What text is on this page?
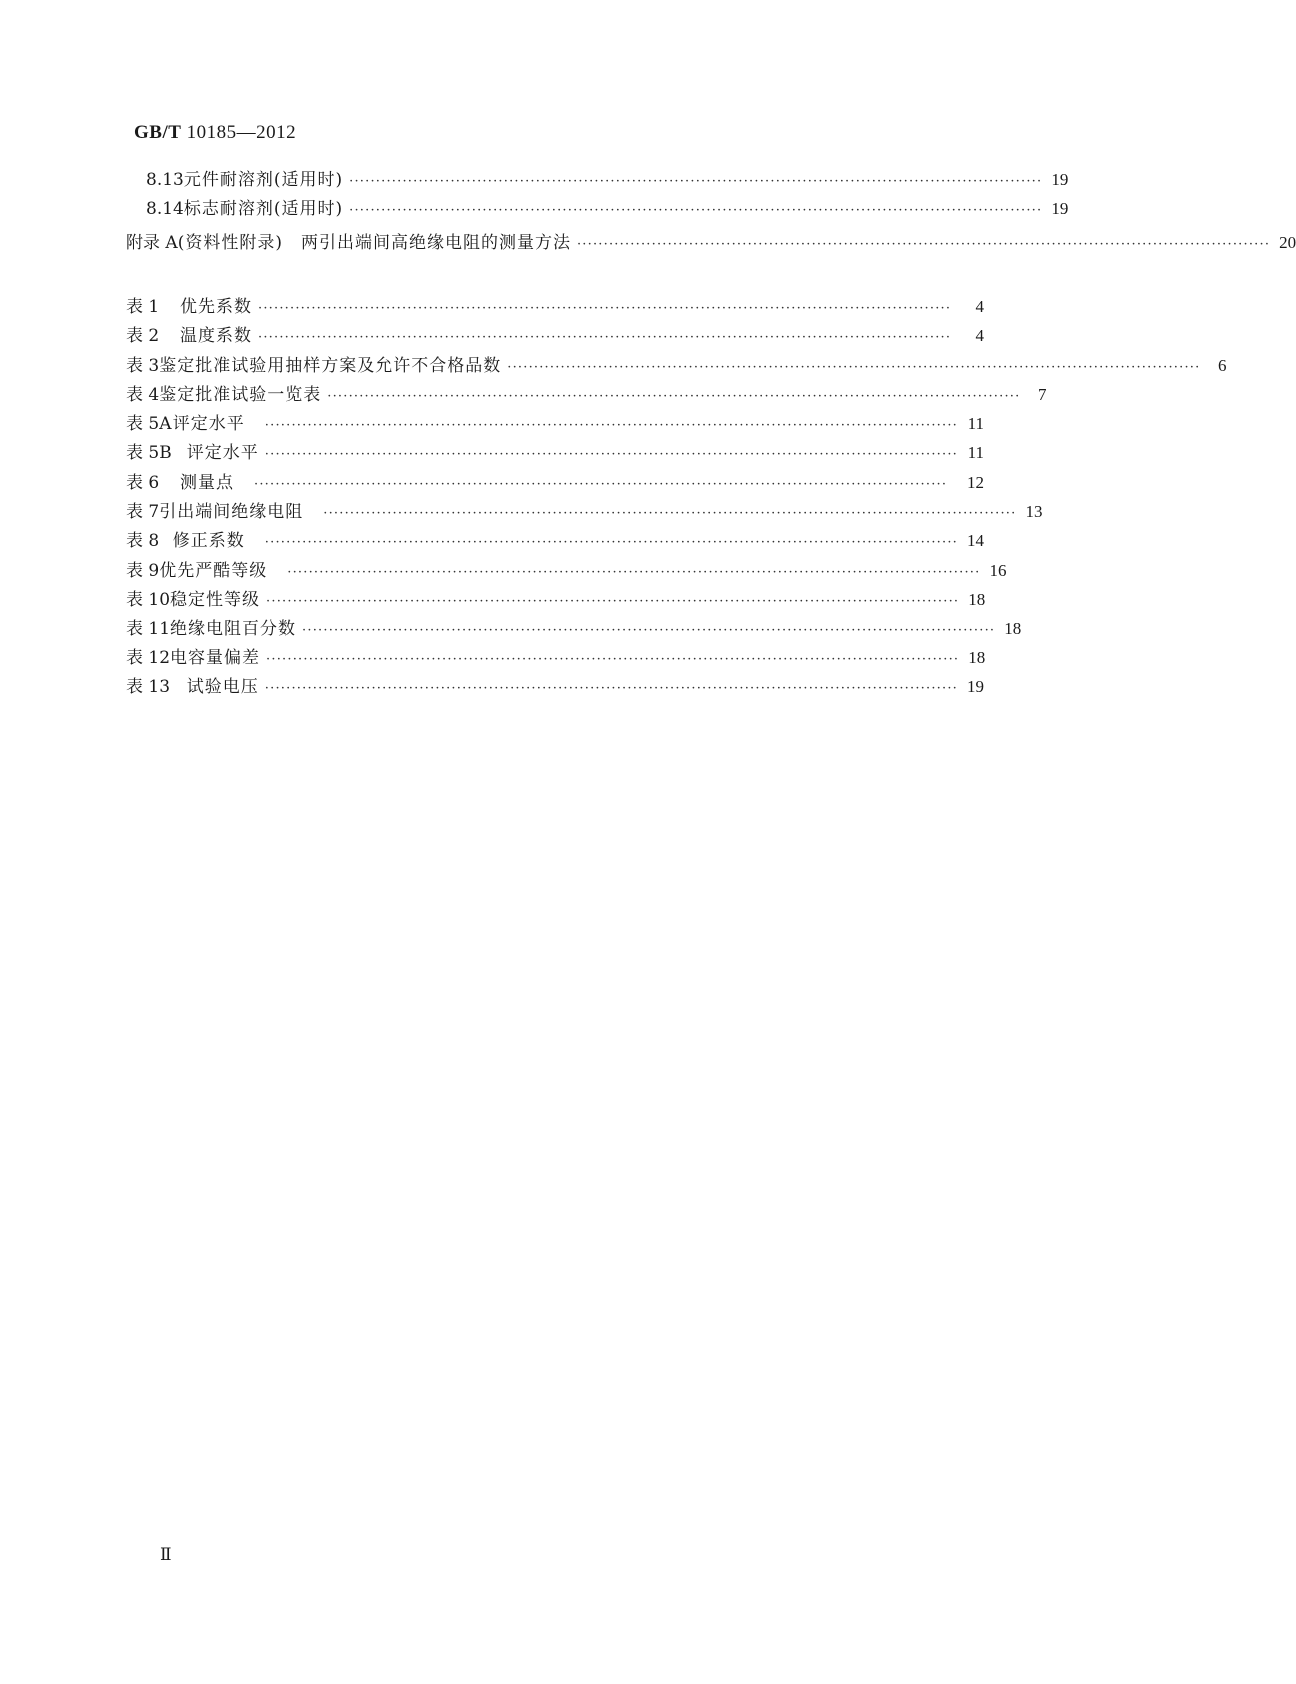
GB/T 10185—2012
8.13 元件耐溶剂(适用时) ·································································································································· 19
8.14 标志耐溶剂(适用时) ·································································································································· 19
附录 A (资料性附录)　两引出端间高绝缘电阻的测量方法 ·································································································································· 20
表 1	优先系数 ··································································································································	4
表 2	温度系数 ··································································································································	4
表 3 鉴定批准试验用抽样方案及允许不合格品数 ··································································································································	6
表 4 鉴定批准试验一览表 ··································································································································	7
表 5A 评定水平 ·································································································································· 11
表 5B 评定水平 ·································································································································· 11
表 6	测量点 ··································································································································	12
表 7 引出端间绝缘电阻 ·································································································································· 13
表 8 修正系数 ·································································································································· 14
表 9 优先严酷等级 ·································································································································· 16
表 10 稳定性等级 ·································································································································· 18
表 11 绝缘电阻百分数 ·································································································································· 18
表 12 电容量偏差 ·································································································································· 18
表 13 试验电压 ·································································································································· 19
Ⅱ
